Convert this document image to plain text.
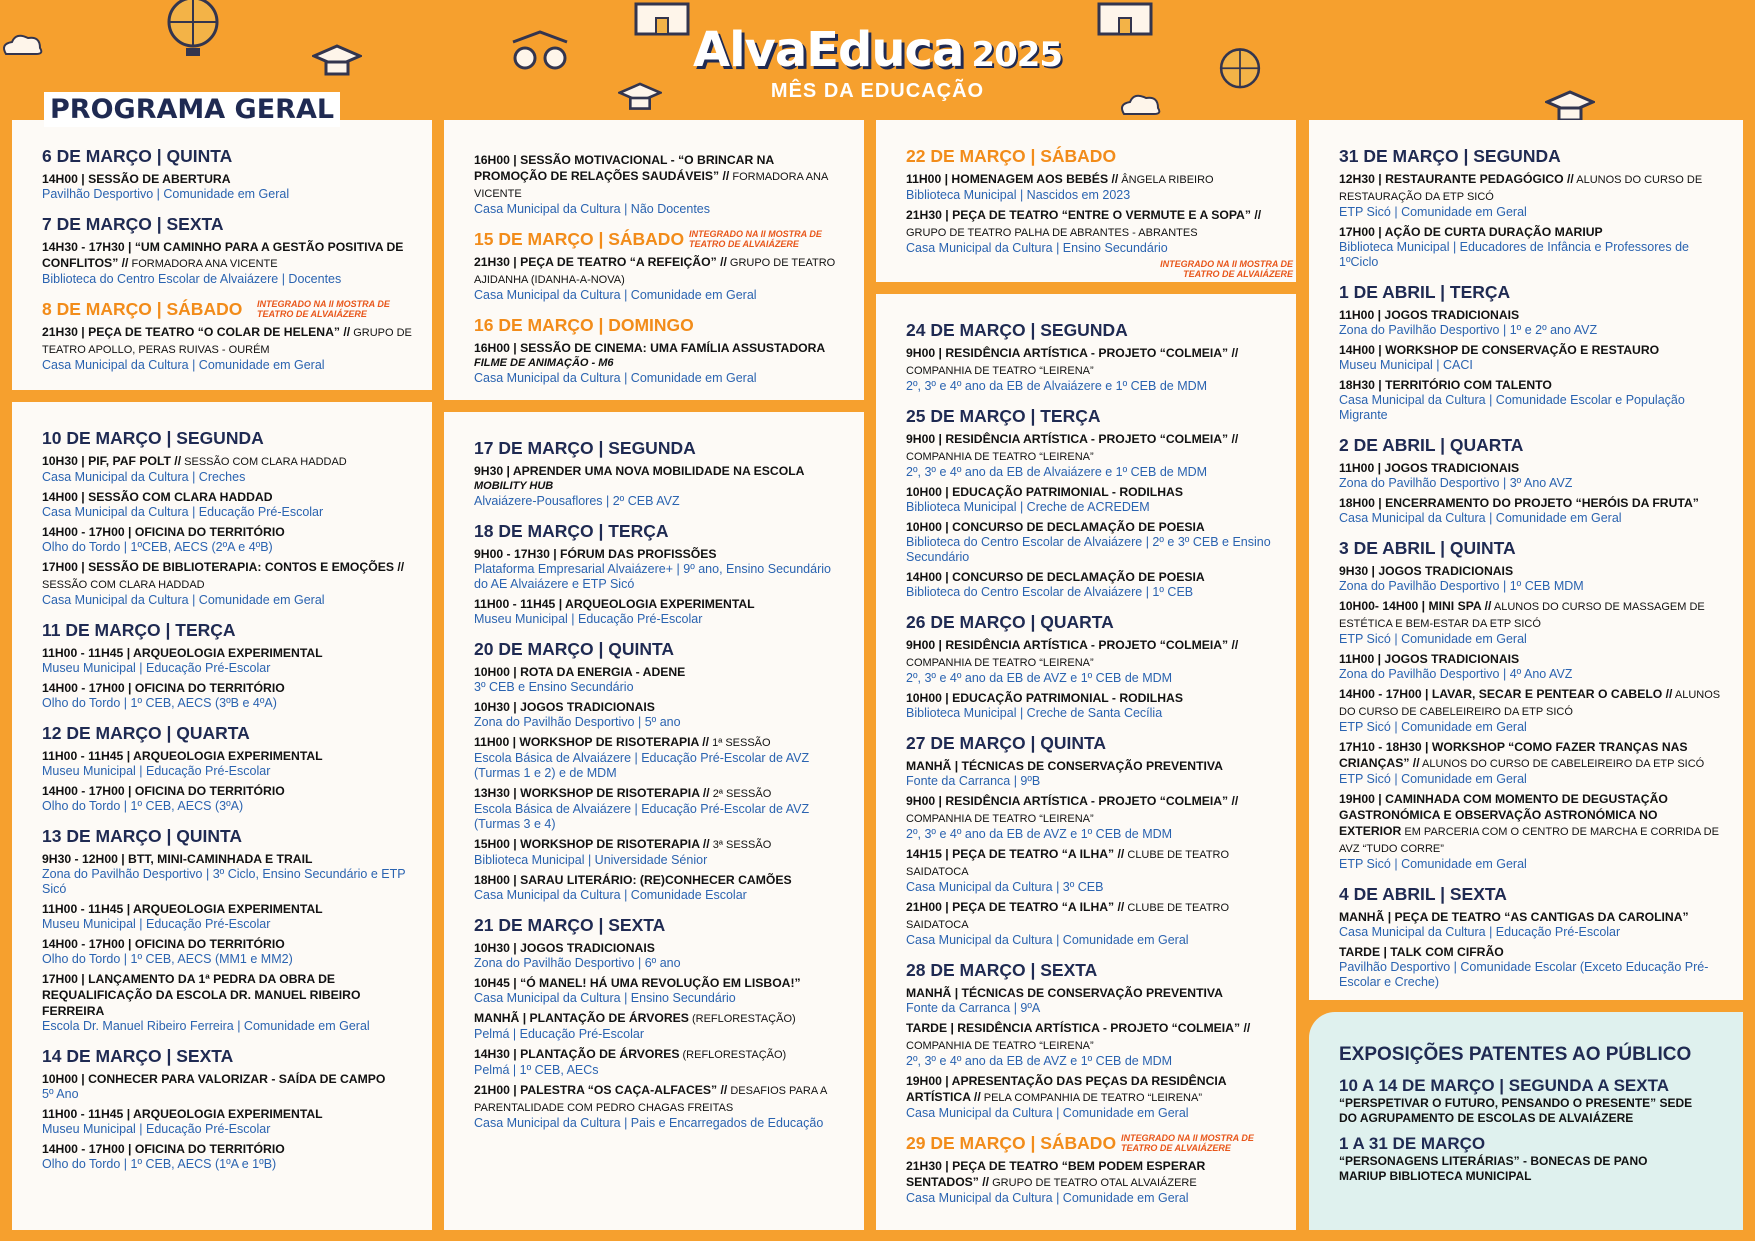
AlvaEduca 2025
MÊS DA EDUCAÇÃO
PROGRAMA GERAL
6 DE MARÇO | QUINTA
14H00 | SESSÃO DE ABERTURA
Pavilhão Desportivo | Comunidade em Geral
7 DE MARÇO | SEXTA
14H30 - 17H30 | “UM CAMINHO PARA A GESTÃO POSITIVA DE CONFLITOS” // FORMADORA ANA VICENTE
Biblioteca do Centro Escolar de Alvaiázere | Docentes
8 DE MARÇO | SÁBADO	INTEGRADO NA II MOSTRA DE TEATRO DE ALVAIÁZERE
21H30 | PEÇA DE TEATRO “O COLAR DE HELENA” // GRUPO DE TEATRO APOLLO, PERAS RUIVAS - OURÉM
Casa Municipal da Cultura | Comunidade em Geral
10 DE MARÇO | SEGUNDA
10H30 | PIF, PAF POLT // SESSÃO COM CLARA HADDAD
Casa Municipal da Cultura | Creches
14H00 | SESSÃO COM CLARA HADDAD
Casa Municipal da Cultura | Educação Pré-Escolar
14H00 - 17H00 | OFICINA DO TERRITÓRIO
Olho do Tordo | 1ºCEB, AECS (2ºA e 4ºB)
17H00 | SESSÃO DE BIBLIOTERAPIA: CONTOS E EMOÇÕES // SESSÃO COM CLARA HADDAD
Casa Municipal da Cultura | Comunidade em Geral
11 DE MARÇO | TERÇA
11H00 - 11H45 | ARQUEOLOGIA EXPERIMENTAL
Museu Municipal | Educação Pré-Escolar
14H00 - 17H00 | OFICINA DO TERRITÓRIO
Olho do Tordo | 1º CEB, AECS (3ºB e 4ºA)
12 DE MARÇO | QUARTA
11H00 - 11H45 | ARQUEOLOGIA EXPERIMENTAL
Museu Municipal | Educação Pré-Escolar
14H00 - 17H00 | OFICINA DO TERRITÓRIO
Olho do Tordo | 1º CEB, AECS (3ºA)
13 DE MARÇO | QUINTA
9H30 - 12H00 | BTT, MINI-CAMINHADA E TRAIL
Zona do Pavilhão Desportivo | 3º Ciclo, Ensino Secundário e ETP Sicó
11H00 - 11H45 | ARQUEOLOGIA EXPERIMENTAL
Museu Municipal | Educação Pré-Escolar
14H00 - 17H00 | OFICINA DO TERRITÓRIO
Olho do Tordo | 1º CEB, AECS (MM1 e MM2)
17H00 | LANÇAMENTO DA 1ª PEDRA DA OBRA DE REQUALIFICAÇÃO DA ESCOLA DR. MANUEL RIBEIRO FERREIRA
Escola Dr. Manuel Ribeiro Ferreira | Comunidade em Geral
14 DE MARÇO | SEXTA
10H00 | CONHECER PARA VALORIZAR - SAÍDA DE CAMPO
5º Ano
11H00 - 11H45 | ARQUEOLOGIA EXPERIMENTAL
Museu Municipal | Educação Pré-Escolar
14H00 - 17H00 | OFICINA DO TERRITÓRIO
Olho do Tordo | 1º CEB, AECS (1ºA e 1ºB)
16H00 | SESSÃO MOTIVACIONAL - “O BRINCAR NA PROMOÇÃO DE RELAÇÕES SAUDÁVEIS” // FORMADORA ANA VICENTE
Casa Municipal da Cultura | Não Docentes
15 DE MARÇO | SÁBADO INTEGRADO NA II MOSTRA DE TEATRO DE ALVAIÁZERE
21H30 | PEÇA DE TEATRO “A REFEIÇÃO” // GRUPO DE TEATRO AJIDANHA (IDANHA-A-NOVA)
Casa Municipal da Cultura | Comunidade em Geral
16 DE MARÇO | DOMINGO
16H00 | SESSÃO DE CINEMA: UMA FAMÍLIA ASSUSTADORA
FILME DE ANIMAÇÃO - M6
Casa Municipal da Cultura | Comunidade em Geral
17 DE MARÇO | SEGUNDA
9H30 | APRENDER UMA NOVA MOBILIDADE NA ESCOLA
MOBILITY HUB
Alvaiázere-Pousaflores | 2º CEB AVZ
18 DE MARÇO | TERÇA
9H00 - 17H30 | FÓRUM DAS PROFISSÕES
Plataforma Empresarial Alvaiázere+ | 9º ano, Ensino Secundário do AE Alvaiázere e ETP Sicó
11H00 - 11H45 | ARQUEOLOGIA EXPERIMENTAL
Museu Municipal | Educação Pré-Escolar
20 DE MARÇO | QUINTA
10H00 | ROTA DA ENERGIA - ADENE
3º CEB e Ensino Secundário
10H30 | JOGOS TRADICIONAIS
Zona do Pavilhão Desportivo | 5º ano
11H00 | WORKSHOP DE RISOTERAPIA // 1ª SESSÃO
Escola Básica de Alvaiázere | Educação Pré-Escolar de AVZ (Turmas 1 e 2) e de MDM
13H30 | WORKSHOP DE RISOTERAPIA // 2ª SESSÃO
Escola Básica de Alvaiázere | Educação Pré-Escolar de AVZ (Turmas 3 e 4)
15H00 | WORKSHOP DE RISOTERAPIA // 3ª SESSÃO
Biblioteca Municipal | Universidade Sénior
18H00 | SARAU LITERÁRIO: (RE)CONHECER CAMÕES
Casa Municipal da Cultura | Comunidade Escolar
21 DE MARÇO | SEXTA
10H30 | JOGOS TRADICIONAIS
Zona do Pavilhão Desportivo | 6º ano
10H45 | “Ó MANEL! HÁ UMA REVOLUÇÃO EM LISBOA!”
Casa Municipal da Cultura | Ensino Secundário
MANHÃ | PLANTAÇÃO DE ÁRVORES (REFLORESTAÇÃO)
Pelmá | Educação Pré-Escolar
14H30 | PLANTAÇÃO DE ÁRVORES (REFLORESTAÇÃO)
Pelmá | 1º CEB, AECs
21H00 | PALESTRA “OS CAÇA-ALFACES” // DESAFIOS PARA A PARENTALIDADE COM PEDRO CHAGAS FREITAS
Casa Municipal da Cultura | Pais e Encarregados de Educação
22 DE MARÇO | SÁBADO
11H00 | HOMENAGEM AOS BEBÉS // ÂNGELA RIBEIRO
Biblioteca Municipal | Nascidos em 2023
21H30 | PEÇA DE TEATRO “ENTRE O VERMUTE E A SOPA” // GRUPO DE TEATRO PALHA DE ABRANTES - ABRANTES
Casa Municipal da Cultura | Ensino Secundário
24 DE MARÇO | SEGUNDA
9H00 | RESIDÊNCIA ARTÍSTICA - PROJETO “COLMEIA” // COMPANHIA DE TEATRO “LEIRENA”
2º, 3º e 4º ano da EB de Alvaiázere e 1º CEB de MDM
25 DE MARÇO | TERÇA
9H00 | RESIDÊNCIA ARTÍSTICA - PROJETO “COLMEIA” // COMPANHIA DE TEATRO “LEIRENA”
2º, 3º e 4º ano da EB de Alvaiázere e 1º CEB de MDM
10H00 | EDUCAÇÃO PATRIMONIAL - RODILHAS
Biblioteca Municipal | Creche de ACREDEM
10H00 | CONCURSO DE DECLAMAÇÃO DE POESIA
Biblioteca do Centro Escolar de Alvaiázere | 2º e 3º CEB e Ensino Secundário
14H00 | CONCURSO DE DECLAMAÇÃO DE POESIA
Biblioteca do Centro Escolar de Alvaiázere | 1º CEB
26 DE MARÇO | QUARTA
9H00 | RESIDÊNCIA ARTÍSTICA - PROJETO “COLMEIA” // COMPANHIA DE TEATRO “LEIRENA”
2º, 3º e 4º ano da EB de AVZ e 1º CEB de MDM
10H00 | EDUCAÇÃO PATRIMONIAL - RODILHAS
Biblioteca Municipal | Creche de Santa Cecília
27 DE MARÇO | QUINTA
MANHÃ | TÉCNICAS DE CONSERVAÇÃO PREVENTIVA
Fonte da Carranca | 9ºB
9H00 | RESIDÊNCIA ARTÍSTICA - PROJETO “COLMEIA” // COMPANHIA DE TEATRO “LEIRENA”
2º, 3º e 4º ano da EB de AVZ e 1º CEB de MDM
14H15 | PEÇA DE TEATRO “A ILHA” // CLUBE DE TEATRO SAIDATOCA
Casa Municipal da Cultura | 3º CEB
21H00 | PEÇA DE TEATRO “A ILHA” // CLUBE DE TEATRO SAIDATOCA
Casa Municipal da Cultura | Comunidade em Geral
28 DE MARÇO | SEXTA
MANHÃ | TÉCNICAS DE CONSERVAÇÃO PREVENTIVA
Fonte da Carranca | 9ºA
TARDE | RESIDÊNCIA ARTÍSTICA - PROJETO “COLMEIA” // COMPANHIA DE TEATRO “LEIRENA”
2º, 3º e 4º ano da EB de AVZ e 1º CEB de MDM
19H00 | APRESENTAÇÃO DAS PEÇAS DA RESIDÊNCIA ARTÍSTICA // PELA COMPANHIA DE TEATRO “LEIRENA”
Casa Municipal da Cultura | Comunidade em Geral
29 DE MARÇO | SÁBADO INTEGRADO NA II MOSTRA DE TEATRO DE ALVAIÁZERE
21H30 | PEÇA DE TEATRO “BEM PODEM ESPERAR SENTADOS” // GRUPO DE TEATRO OTAL ALVAIÁZERE
Casa Municipal da Cultura | Comunidade em Geral
31 DE MARÇO | SEGUNDA
12H30 | RESTAURANTE PEDAGÓGICO // ALUNOS DO CURSO DE RESTAURAÇÃO DA ETP SICÓ
ETP Sicó | Comunidade em Geral
17H00 | AÇÃO DE CURTA DURAÇÃO MARIUP
Biblioteca Municipal | Educadores de Infância e Professores de 1ºCiclo
1 DE ABRIL | TERÇA
11H00 | JOGOS TRADICIONAIS
Zona do Pavilhão Desportivo | 1º e 2º ano AVZ
14H00 | WORKSHOP DE CONSERVAÇÃO E RESTAURO
Museu Municipal | CACI
18H30 | TERRITÓRIO COM TALENTO
Casa Municipal da Cultura | Comunidade Escolar e População Migrante
2 DE ABRIL | QUARTA
11H00 | JOGOS TRADICIONAIS
Zona do Pavilhão Desportivo | 3º Ano AVZ
18H00 | ENCERRAMENTO DO PROJETO “HERÓIS DA FRUTA”
Casa Municipal da Cultura | Comunidade em Geral
3 DE ABRIL | QUINTA
9H30 | JOGOS TRADICIONAIS
Zona do Pavilhão Desportivo | 1º CEB MDM
10H00- 14H00 | MINI SPA // ALUNOS DO CURSO DE MASSAGEM DE ESTÉTICA E BEM-ESTAR DA ETP SICÓ
ETP Sicó | Comunidade em Geral
11H00 | JOGOS TRADICIONAIS
Zona do Pavilhão Desportivo | 4º Ano AVZ
14H00 - 17H00 | LAVAR, SECAR E PENTEAR O CABELO // ALUNOS DO CURSO DE CABELEIREIRO DA ETP SICÓ
ETP Sicó | Comunidade em Geral
17H10 - 18H30 | WORKSHOP “COMO FAZER TRANÇAS NAS CRIANÇAS” // ALUNOS DO CURSO DE CABELEIREIRO DA ETP SICÓ
ETP Sicó | Comunidade em Geral
19H00 | CAMINHADA COM MOMENTO DE DEGUSTAÇÃO GASTRONÓMICA E OBSERVAÇÃO ASTRONÓMICA NO EXTERIOR EM PARCERIA COM O CENTRO DE MARCHA E CORRIDA DE AVZ “TUDO CORRE”
ETP Sicó | Comunidade em Geral
4 DE ABRIL | SEXTA
MANHÃ | PEÇA DE TEATRO “AS CANTIGAS DA CAROLINA”
Casa Municipal da Cultura | Educação Pré-Escolar
TARDE | TALK COM CIFRÃO
Pavilhão Desportivo | Comunidade Escolar (Exceto Educação Pré-Escolar e Creche)
EXPOSIÇÕES PATENTES AO PÚBLICO
10 A 14 DE MARÇO | SEGUNDA A SEXTA
“PERSPETIVAR O FUTURO, PENSANDO O PRESENTE” SEDE DO AGRUPAMENTO DE ESCOLAS DE ALVAIÁZERE
1 A 31 DE MARÇO
“PERSONAGENS LITERÁRIAS” - BONECAS DE PANO MARIUP BIBLIOTECA MUNICIPAL
INTEGRADO NA II MOSTRA DE TEATRO DE ALVAIÁZERE
